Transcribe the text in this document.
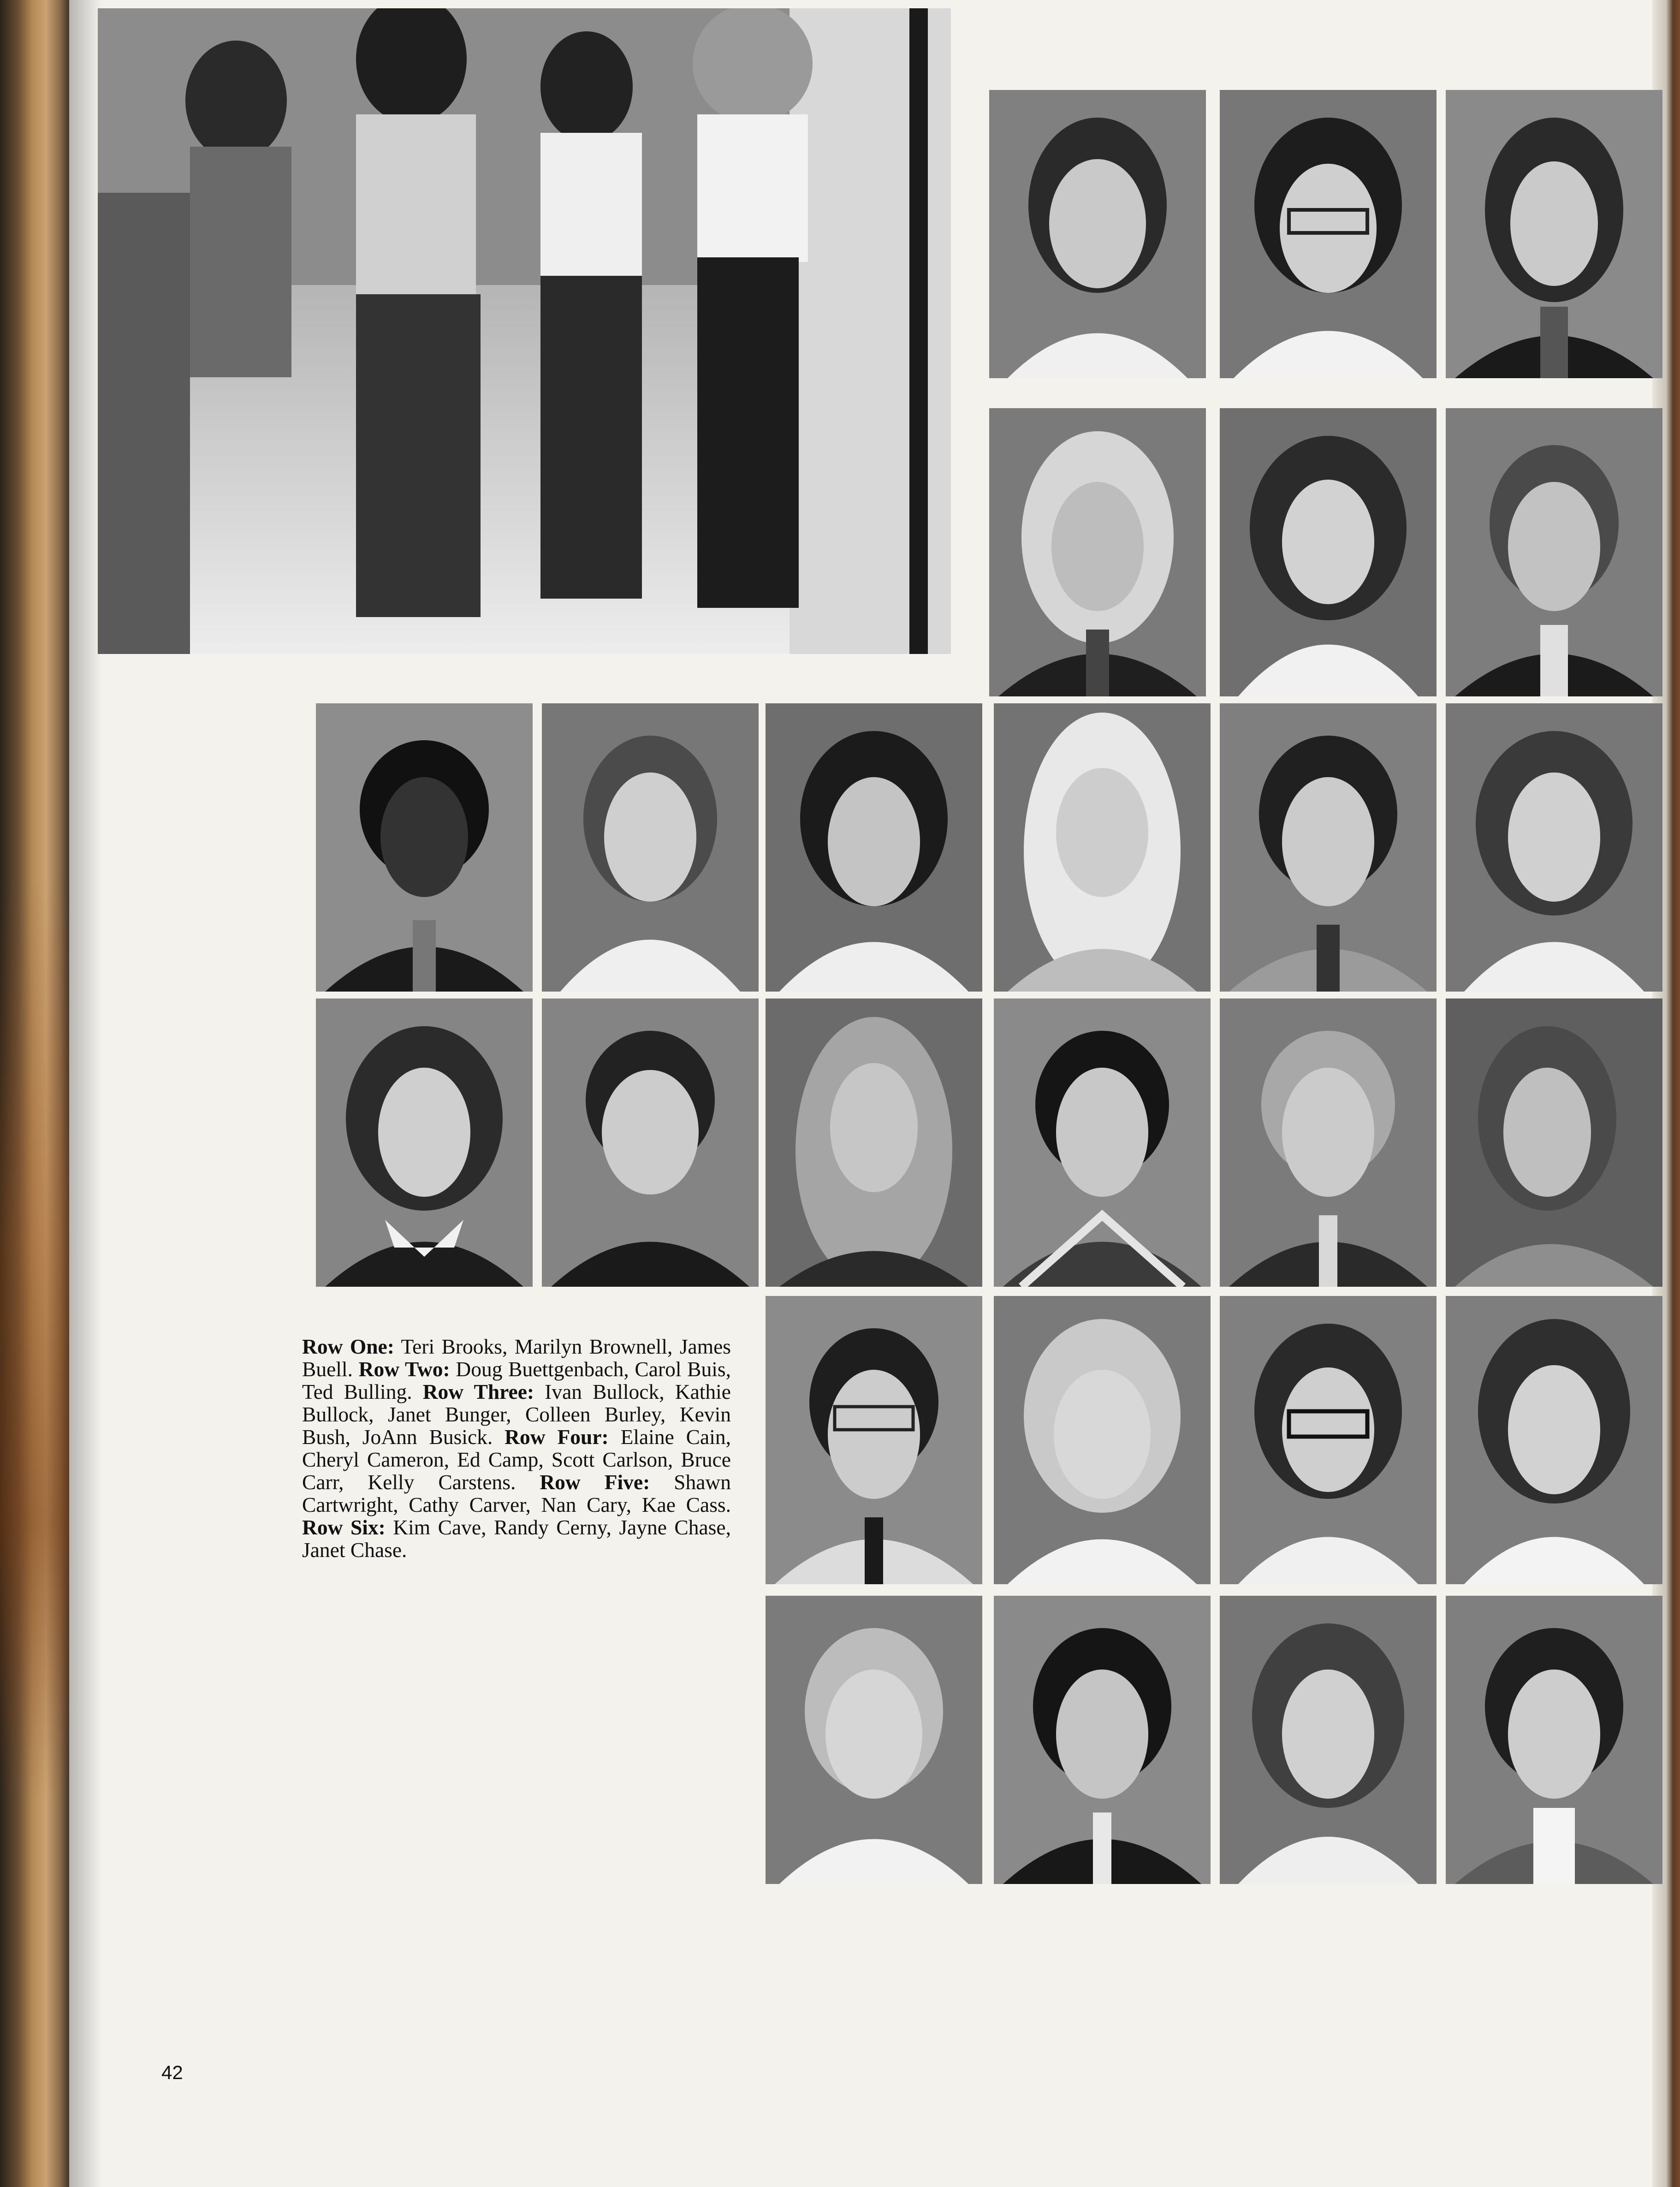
Row One: Teri Brooks, Marilyn Brownell, James Buell. Row Two: Doug Buettgenbach, Carol Buis, Ted Bulling. Row Three: Ivan Bullock, Kathie Bullock, Janet Bunger, Colleen Burley, Kevin Bush, JoAnn Busick. Row Four: Elaine Cain, Cheryl Cameron, Ed Camp, Scott Carlson, Bruce Carr, Kelly Carstens. Row Five: Shawn Cartwright, Cathy Carver, Nan Cary, Kae Cass. Row Six: Kim Cave, Randy Cerny, Jayne Chase, Janet Chase.
42
